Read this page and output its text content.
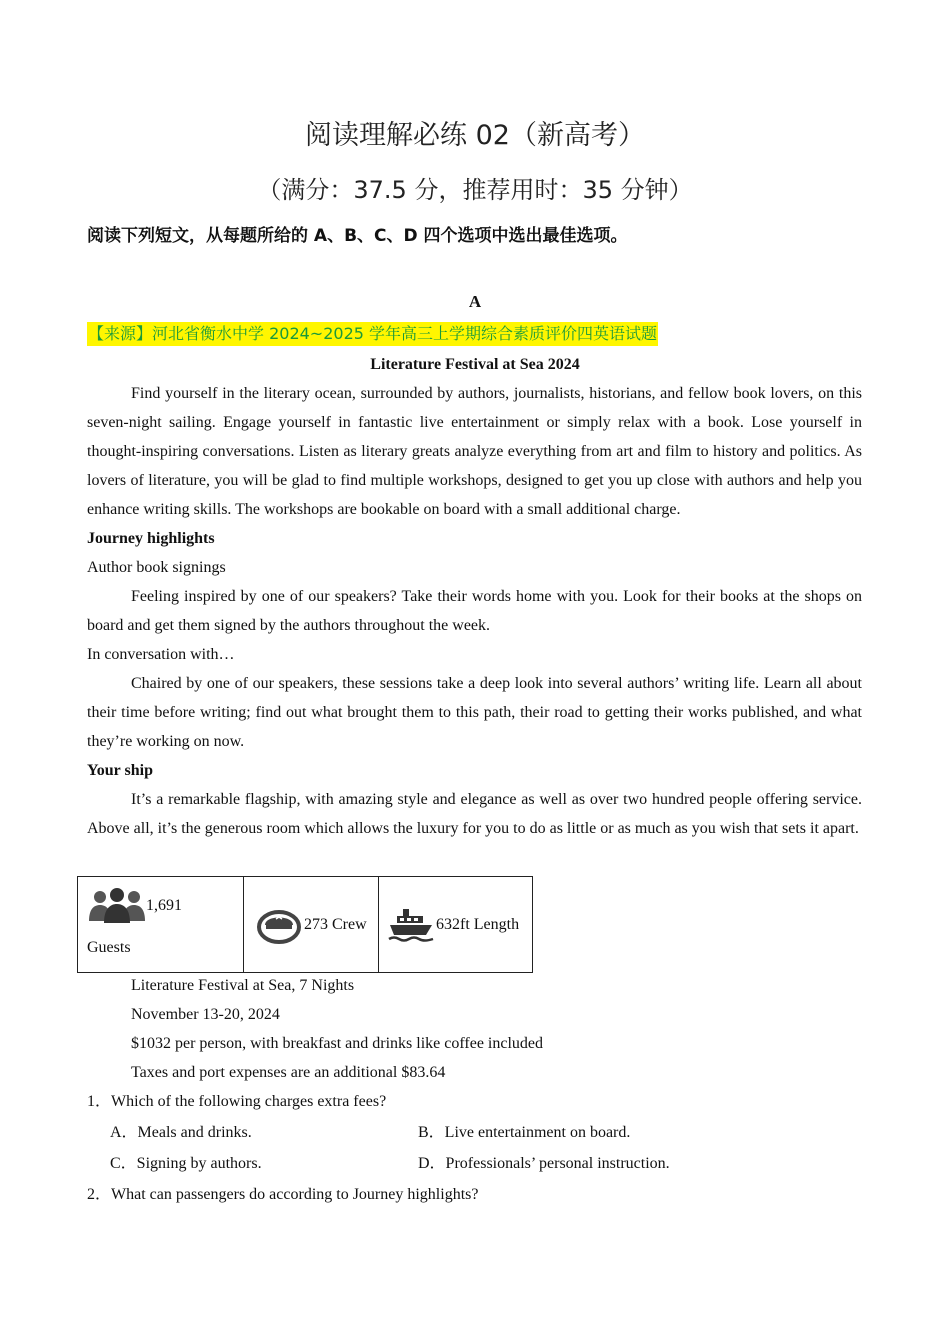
阅读理解必练 02（新高考）
（满分：37.5 分，推荐用时：35 分钟）
阅读下列短文，从每题所给的 A、B、C、D 四个选项中选出最佳选项。
A
【来源】河北省衡水中学 2024~2025 学年高三上学期综合素质评价四英语试题
Literature Festival at Sea 2024
Find yourself in the literary ocean, surrounded by authors, journalists, historians, and fellow book lovers, on this seven-night sailing. Engage yourself in fantastic live entertainment or simply relax with a book. Lose yourself in thought-inspiring conversations. Listen as literary greats analyze everything from art and film to history and politics. As lovers of literature, you will be glad to find multiple workshops, designed to get you up close with authors and help you enhance writing skills. The workshops are bookable on board with a small additional charge.
Journey highlights
Author book signings
Feeling inspired by one of our speakers? Take their words home with you. Look for their books at the shops on board and get them signed by the authors throughout the week.
In conversation with…
Chaired by one of our speakers, these sessions take a deep look into several authors’ writing life. Learn all about their time before writing; find out what brought them to this path, their road to getting their works published, and what they’re working on now.
Your ship
It’s a remarkable flagship, with amazing style and elegance as well as over two hundred people offering service. Above all, it’s the generous room which allows the luxury for you to do as little or as much as you wish that sets it apart.
1,691
Guests

273 Crew	632ft Length
Literature Festival at Sea, 7 Nights
November 13-20, 2024
$1032 per person, with breakfast and drinks like coffee included
Taxes and port expenses are an additional $83.64
1．Which of the following charges extra fees?
A．Meals and drinks.	B．Live entertainment on board.
C．Signing by authors.	D．Professionals’ personal instruction.
2．What can passengers do according to Journey highlights?
